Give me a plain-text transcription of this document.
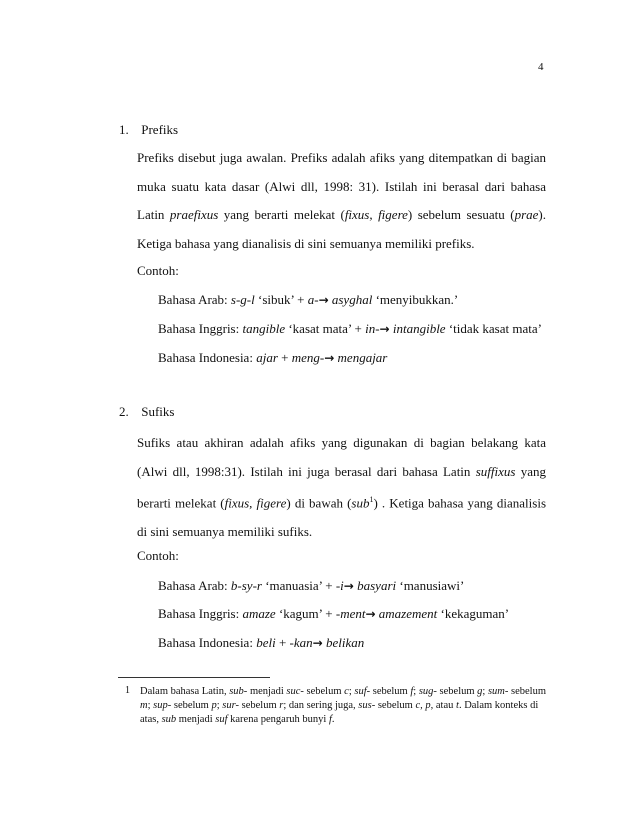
4
1. Prefiks
Prefiks disebut juga awalan. Prefiks adalah afiks yang ditempatkan di bagian muka suatu kata dasar (Alwi dll, 1998: 31). Istilah ini berasal dari bahasa Latin praefixus yang berarti melekat (fixus, figere) sebelum sesuatu (prae). Ketiga bahasa yang dianalisis di sini semuanya memiliki prefiks.
Contoh:
Bahasa Arab: s-g-l ‘sibuk’ + a-→ asyghal ‘menyibukkan.’
Bahasa Inggris: tangible ‘kasat mata’ + in-→ intangible ‘tidak kasat mata’
Bahasa Indonesia: ajar + meng-→ mengajar
2. Sufiks
Sufiks atau akhiran adalah afiks yang digunakan di bagian belakang kata (Alwi dll, 1998:31). Istilah ini juga berasal dari bahasa Latin suffixus yang berarti melekat (fixus, figere) di bawah (sub$^1$) . Ketiga bahasa yang dianalisis di sini semuanya memiliki sufiks.
Contoh:
Bahasa Arab: b-sy-r ‘manuasia’ + -i→ basyari ‘manusiawi’
Bahasa Inggris: amaze ‘kagum’ + -ment→ amazement ‘kekaguman’
Bahasa Indonesia: beli + -kan→ belikan
1 Dalam bahasa Latin, sub- menjadi suc- sebelum c; suf- sebelum f; sug- sebelum g; sum- sebelum m; sup- sebelum p; sur- sebelum r; dan sering juga, sus- sebelum c, p, atau t. Dalam konteks di atas, sub menjadi suf karena pengaruh bunyi f.
